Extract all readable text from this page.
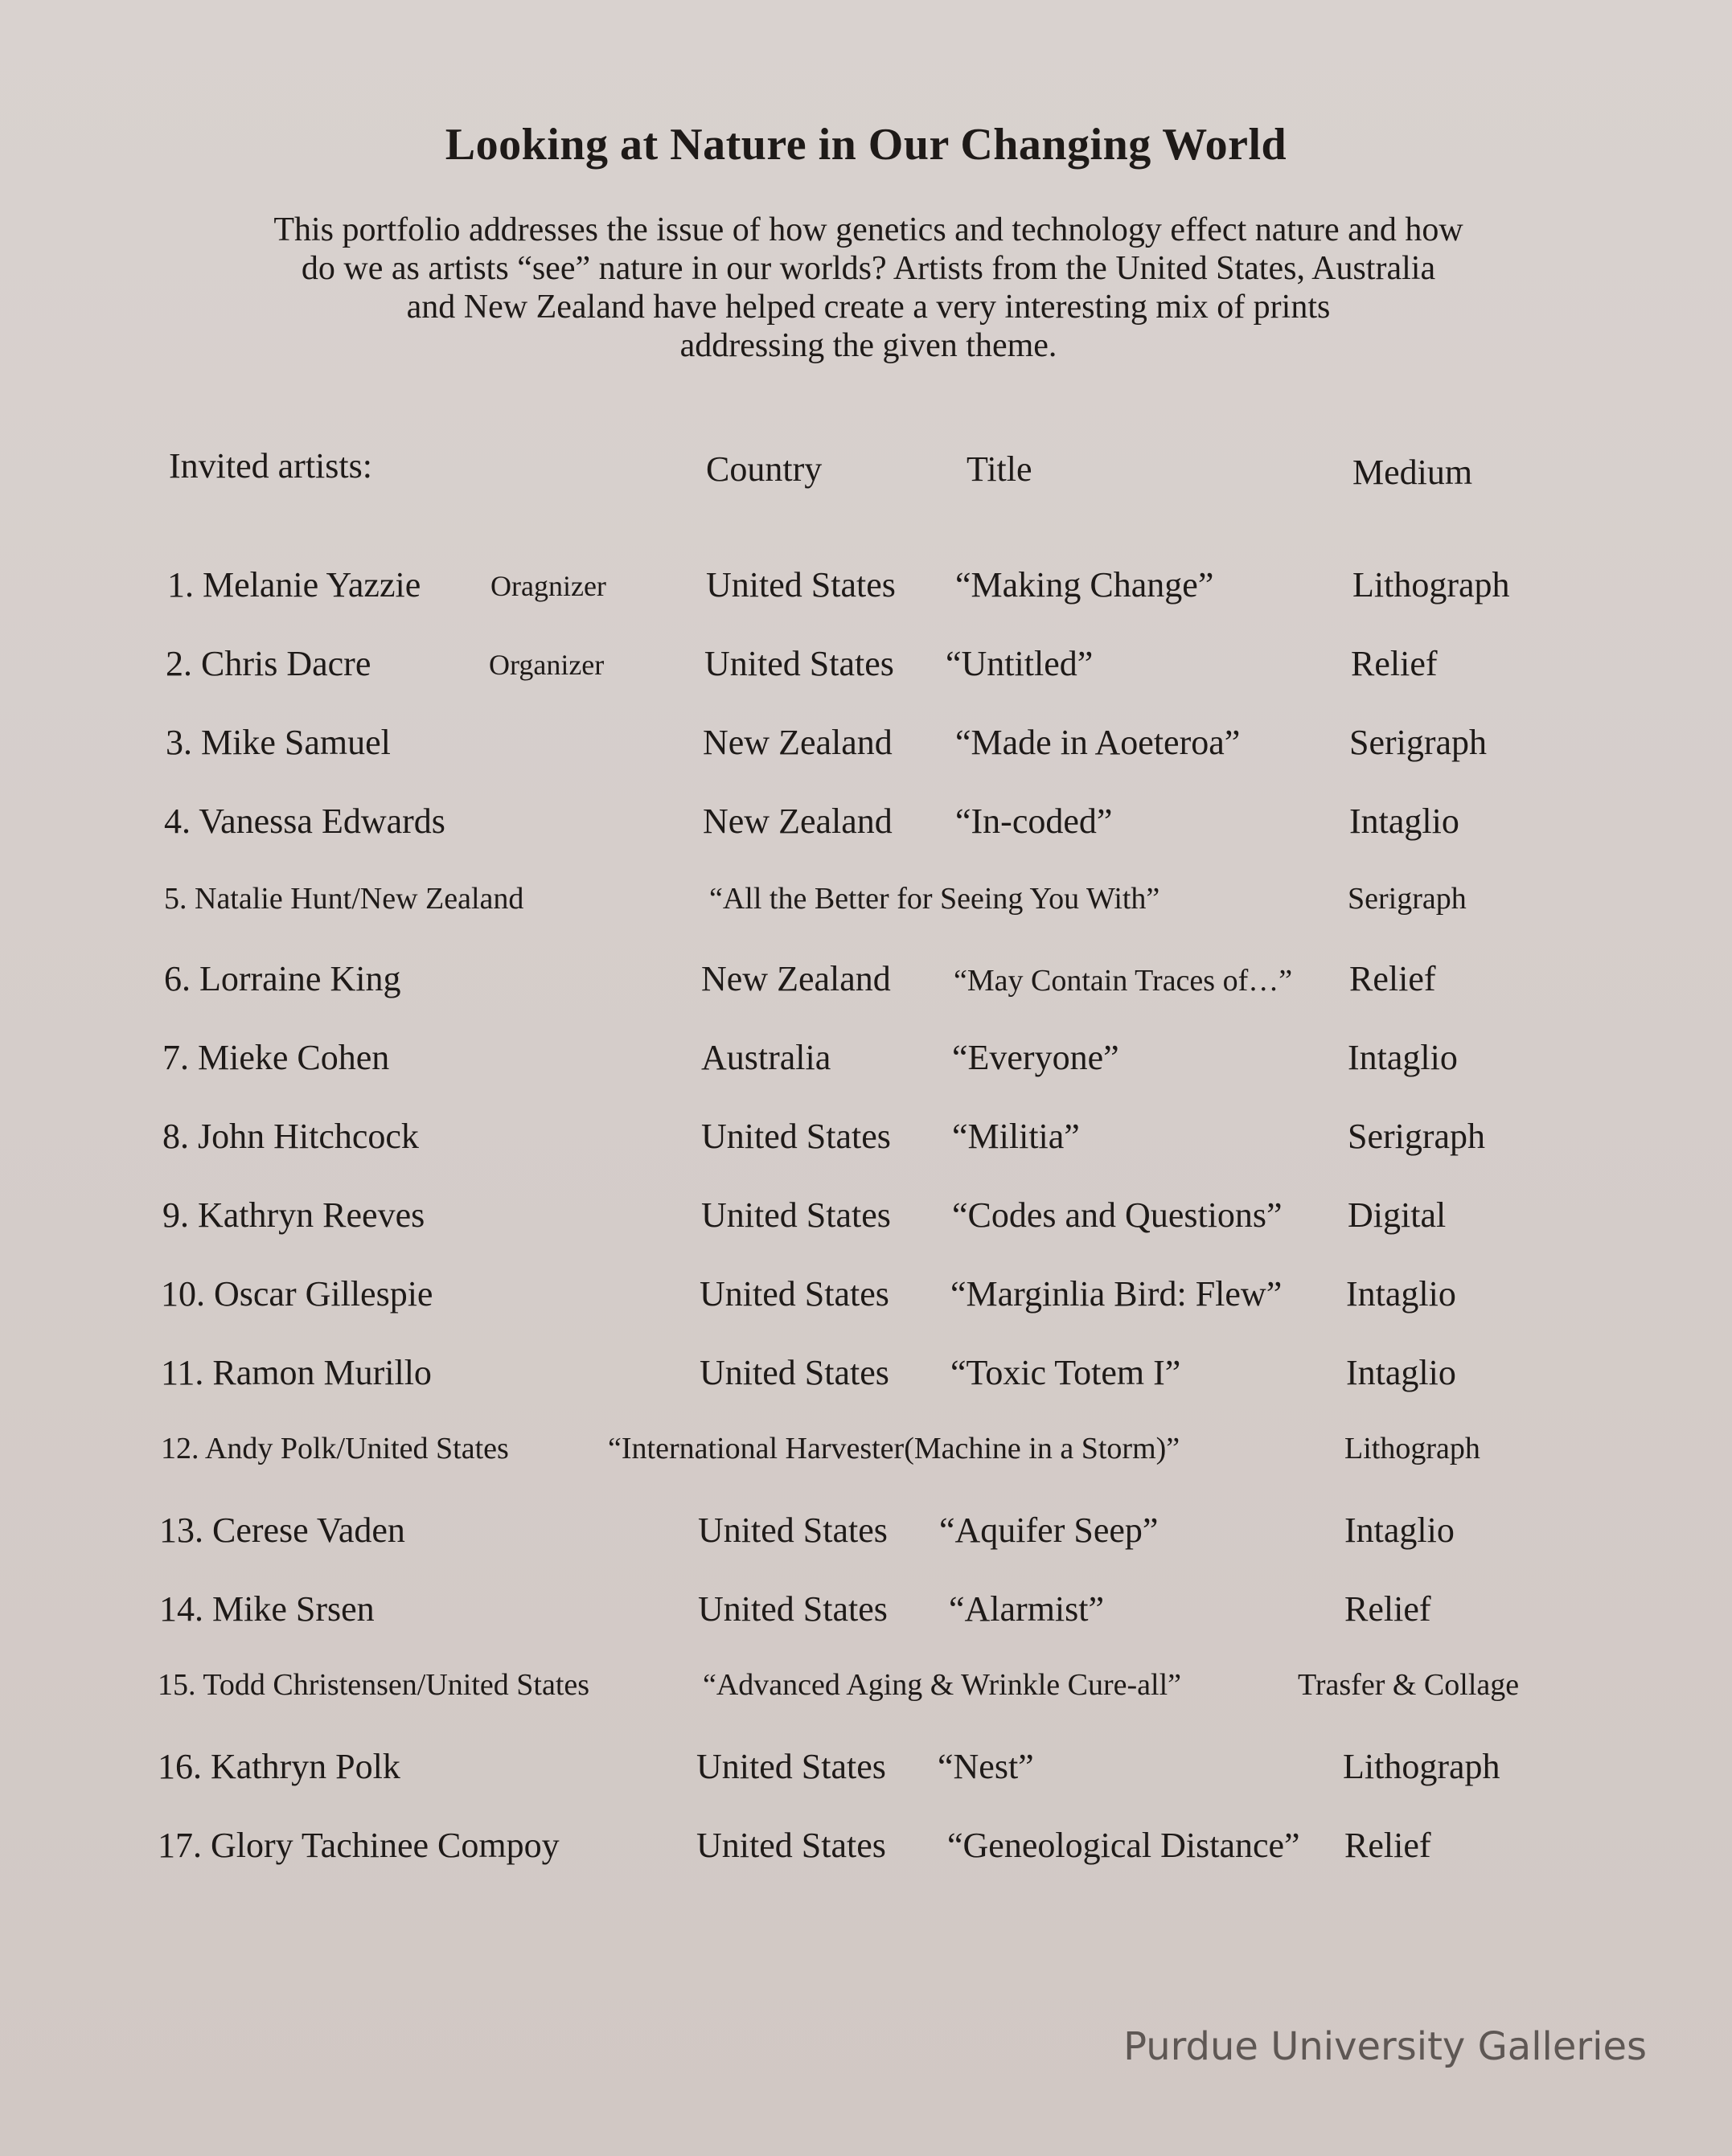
Looking at Nature in Our Changing World
This portfolio addresses the issue of how genetics and technology effect nature and how
do we as artists “see” nature in our worlds? Artists from the United States, Australia
and New Zealand have helped create a very interesting mix of prints
addressing the given theme.
Invited artists:	Country	Title	Medium
1. Melanie Yazzie Oragnizer	United States “Making Change”	Lithograph
2. Chris Dacre	Organizer	United States “Untitled”	Relief
3. Mike Samuel	New Zealand “Made in Aoeteroa”	Serigraph
4. Vanessa Edwards	New Zealand “In-coded”	Intaglio
5. Natalie Hunt/New Zealand	“All the Better for Seeing You With”	Serigraph
6. Lorraine King	New Zealand “May Contain Traces of…” Relief
7. Mieke Cohen	Australia	“Everyone”	Intaglio
8. John Hitchcock	United States “Militia”	Serigraph
9. Kathryn Reeves	United States “Codes and Questions” Digital
10. Oscar Gillespie	United States “Marginlia Bird: Flew” Intaglio
11. Ramon Murillo	United States “Toxic Totem I”	Intaglio
12. Andy Polk/United States	“International Harvester(Machine in a Storm)”	Lithograph
13. Cerese Vaden	United States “Aquifer Seep”	Intaglio
14. Mike Srsen	United States “Alarmist”	Relief
15. Todd Christensen/United States	“Advanced Aging & Wrinkle Cure-all”	Trasfer & Collage
16. Kathryn Polk	United States “Nest”	Lithograph
17. Glory Tachinee Compoy	United States “Geneological Distance” Relief
Purdue University Galleries
